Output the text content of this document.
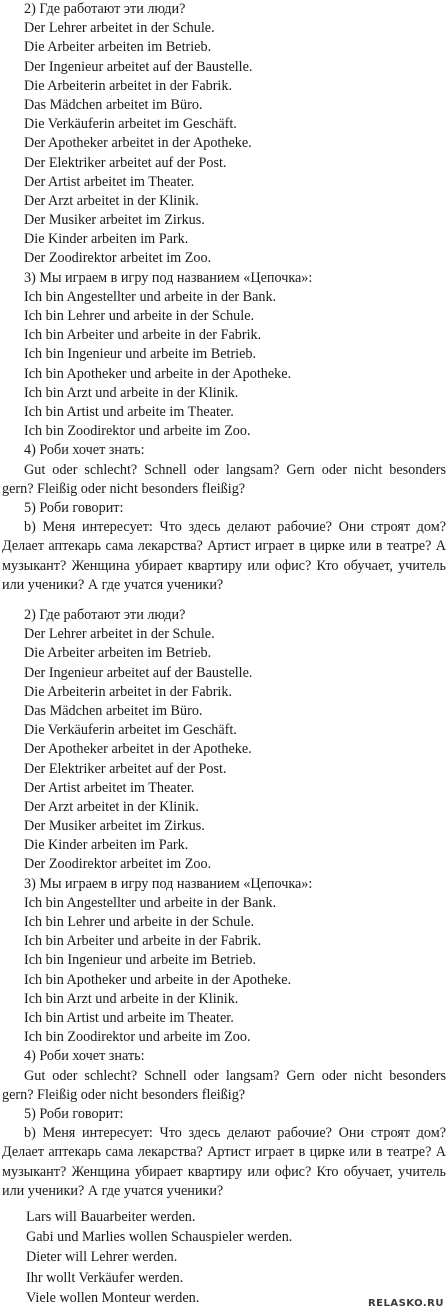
2) Где работают эти люди?
Der Lehrer arbeitet in der Schule.
Die Arbeiter arbeiten im Betrieb.
Der Ingenieur arbeitet auf der Baustelle.
Die Arbeiterin arbeitet in der Fabrik.
Das Mädchen arbeitet im Büro.
Die Verkäuferin arbeitet im Geschäft.
Der Apotheker arbeitet in der Apotheke.
Der Elektriker arbeitet auf der Post.
Der Artist arbeitet im Theater.
Der Arzt arbeitet in der Klinik.
Der Musiker arbeitet im Zirkus.
Die Kinder arbeiten im Park.
Der Zoodirektor arbeitet im Zoo.
3) Мы играем в игру под названием «Цепочка»:
Ich bin Angestellter und arbeite in der Bank.
Ich bin Lehrer und arbeite in der Schule.
Ich bin Arbeiter und arbeite in der Fabrik.
Ich bin Ingenieur und arbeite im Betrieb.
Ich bin Apotheker und arbeite in der Apotheke.
Ich bin Arzt und arbeite in der Klinik.
Ich bin Artist und arbeite im Theater.
Ich bin Zoodirektor und arbeite im Zoo.
4) Роби хочет знать:
Gut oder schlecht? Schnell oder langsam? Gern oder nicht besonders gern? Fleißig oder nicht besonders fleißig?
5) Роби говорит:
b) Меня интересует: Что здесь делают рабочие? Они строят дом? Делает аптекарь сама лекарства? Артист играет в цирке или в театре? А музыкант? Женщина убирает квартиру или офис? Кто обучает, учитель или ученики? А где учатся ученики?
2) Где работают эти люди?
Der Lehrer arbeitet in der Schule.
Die Arbeiter arbeiten im Betrieb.
Der Ingenieur arbeitet auf der Baustelle.
Die Arbeiterin arbeitet in der Fabrik.
Das Mädchen arbeitet im Büro.
Die Verkäuferin arbeitet im Geschäft.
Der Apotheker arbeitet in der Apotheke.
Der Elektriker arbeitet auf der Post.
Der Artist arbeitet im Theater.
Der Arzt arbeitet in der Klinik.
Der Musiker arbeitet im Zirkus.
Die Kinder arbeiten im Park.
Der Zoodirektor arbeitet im Zoo.
3) Мы играем в игру под названием «Цепочка»:
Ich bin Angestellter und arbeite in der Bank.
Ich bin Lehrer und arbeite in der Schule.
Ich bin Arbeiter und arbeite in der Fabrik.
Ich bin Ingenieur und arbeite im Betrieb.
Ich bin Apotheker und arbeite in der Apotheke.
Ich bin Arzt und arbeite in der Klinik.
Ich bin Artist und arbeite im Theater.
Ich bin Zoodirektor und arbeite im Zoo.
4) Роби хочет знать:
Gut oder schlecht? Schnell oder langsam? Gern oder nicht besonders gern? Fleißig oder nicht besonders fleißig?
5) Роби говорит:
b) Меня интересует: Что здесь делают рабочие? Они строят дом? Делает аптекарь сама лекарства? Артист играет в цирке или в театре? А музыкант? Женщина убирает квартиру или офис? Кто обучает, учитель или ученики? А где учатся ученики?
Lars will Bauarbeiter werden.
Gabi und Marlies wollen Schauspieler werden.
Dieter will Lehrer werden.
Ihr wollt Verkäufer werden.
Viele wollen Monteur werden.	RELASKO.RU
